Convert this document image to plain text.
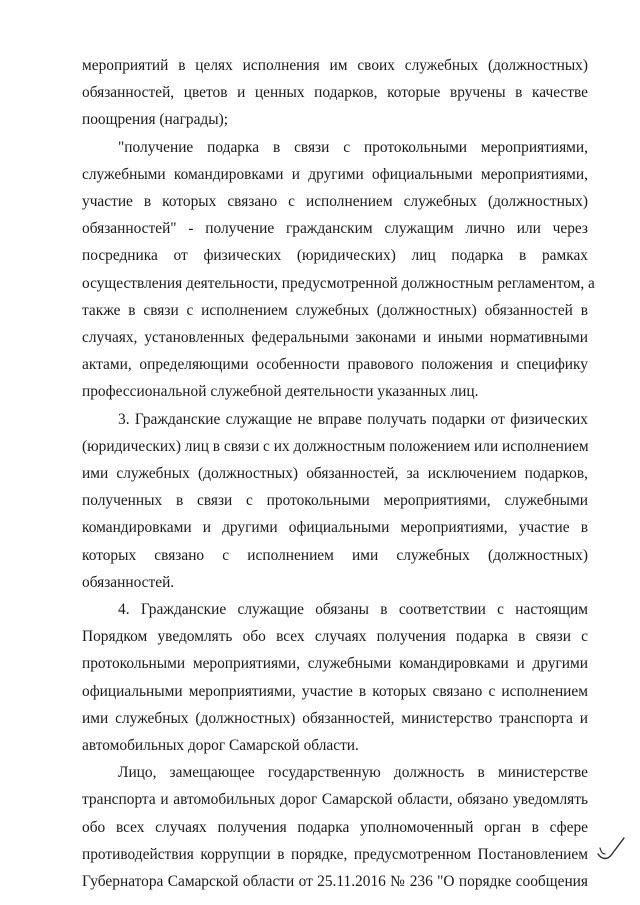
мероприятий в целях исполнения им своих служебных (должностных)
обязанностей, цветов и ценных подарков, которые вручены в качестве
поощрения (награды);
"получение подарка в связи с протокольными мероприятиями,
служебными командировками и другими официальными мероприятиями,
участие в которых связано с исполнением служебных (должностных)
обязанностей" - получение гражданским служащим лично или через
посредника от физических (юридических) лиц подарка в рамках
осуществления деятельности, предусмотренной должностным регламентом, а
также в связи с исполнением служебных (должностных) обязанностей в
случаях, установленных федеральными законами и иными нормативными
актами, определяющими особенности правового положения и специфику
профессиональной служебной деятельности указанных лиц.
3. Гражданские служащие не вправе получать подарки от физических
(юридических) лиц в связи с их должностным положением или исполнением
ими служебных (должностных) обязанностей, за исключением подарков,
полученных в связи с протокольными мероприятиями, служебными
командировками и другими официальными мероприятиями, участие в
которых связано с исполнением ими служебных (должностных)
обязанностей.
4. Гражданские служащие обязаны в соответствии с настоящим
Порядком уведомлять обо всех случаях получения подарка в связи с
протокольными мероприятиями, служебными командировками и другими
официальными мероприятиями, участие в которых связано с исполнением
ими служебных (должностных) обязанностей, министерство транспорта и
автомобильных дорог Самарской области.
Лицо, замещающее государственную должность в министерстве
транспорта и автомобильных дорог Самарской области, обязано уведомлять
обо всех случаях получения подарка уполномоченный орган в сфере
противодействия коррупции в порядке, предусмотренном Постановлением
Губернатора Самарской области от 25.11.2016 № 236 "О порядке сообщения
